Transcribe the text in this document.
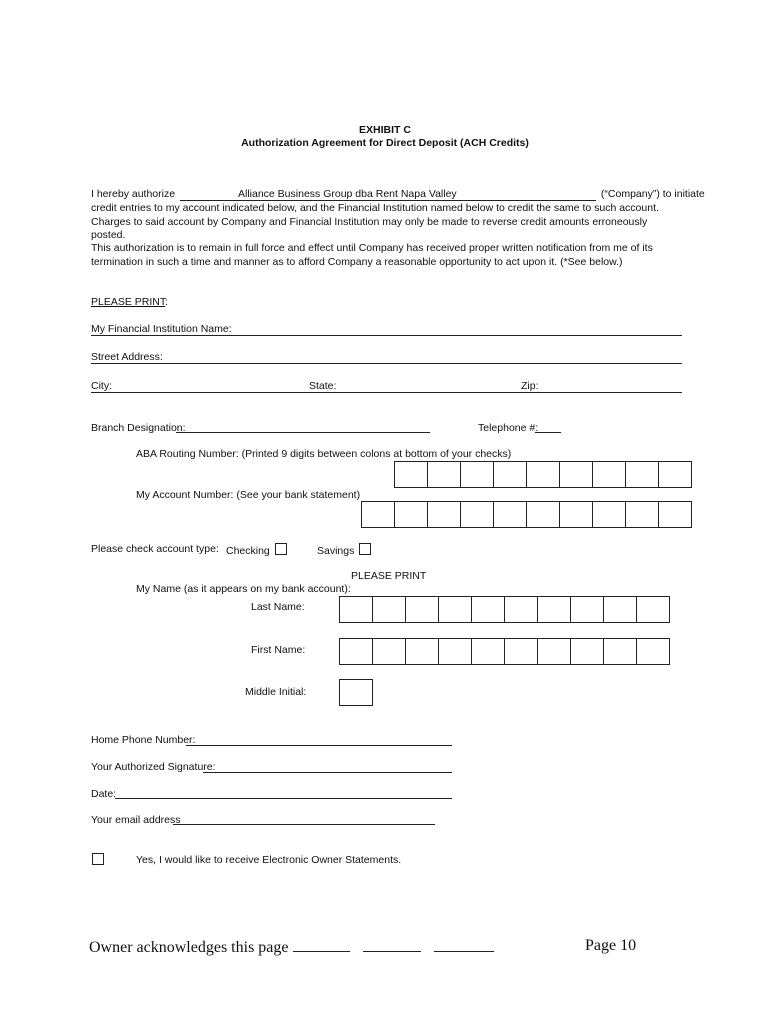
EXHIBIT C
Authorization Agreement for Direct Deposit (ACH Credits)
I hereby authorize	Alliance Business Group dba Rent Napa Valley	(“Company”) to initiate

credit entries to my account indicated below, and the Financial Institution named below to credit the same to such account. Charges to said account by Company and Financial Institution may only be made to reverse credit amounts erroneously posted.

This authorization is to remain in full force and effect until Company has received proper written notification from me of its termination in such a time and manner as to afford Company a reasonable opportunity to act upon it. (*See below.)

PLEASE PRINT:
My Financial Institution Name:
Street Address:
City:	State:	Zip:
Branch Designation:	Telephone #:
ABA Routing Number: (Printed 9 digits between colons at bottom of your checks)
My Account Number: (See your bank statement)
Please check account type: Checking	Savings
PLEASE PRINT
My Name (as it appears on my bank account):
Last Name:
First Name:
Middle Initial:
Home Phone Number:
Your Authorized Signature:
Date:
Your email address
Yes, I would like to receive Electronic Owner Statements.
Owner acknowledges this page	Page 10
